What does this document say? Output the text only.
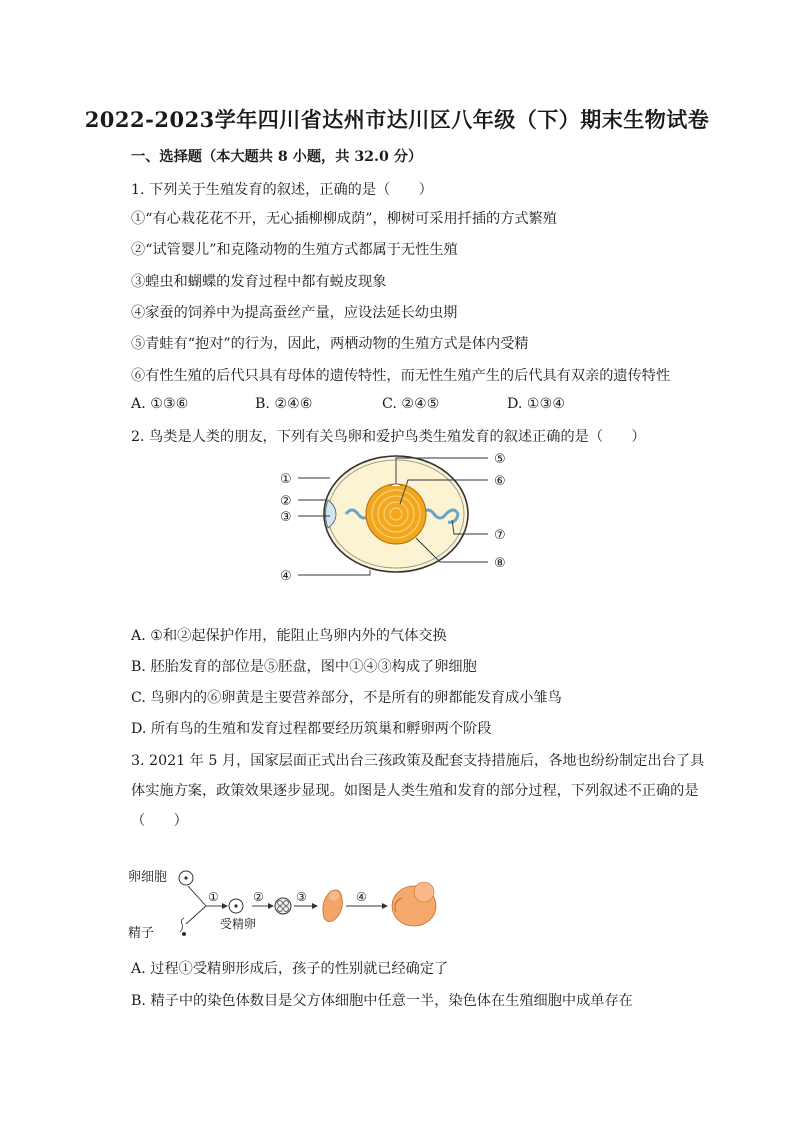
2022-2023学年四川省达州市达川区八年级（下）期末生物试卷
一、选择题（本大题共 8 小题，共 32.0 分）
1. 下列关于生殖发育的叙述，正确的是（　　）
①“有心栽花花不开，无心插柳柳成荫”，柳树可采用扦插的方式繁殖
②“试管婴儿”和克隆动物的生殖方式都属于无性生殖
③蝗虫和蝴蝶的发育过程中都有蜕皮现象
④家蚕的饲养中为提高蚕丝产量，应设法延长幼虫期
⑤青蛙有“抱对”的行为，因此，两栖动物的生殖方式是体内受精
⑥有性生殖的后代只具有母体的遗传特性，而无性生殖产生的后代具有双亲的遗传特性
A. ①③⑥	B. ②④⑥	C. ②④⑤	D. ①③④
2. 鸟类是人类的朋友，下列有关鸟卵和爱护鸟类生殖发育的叙述正确的是（　　）
①
②
③
④
⑤
⑥
⑦
⑧
A. ①和②起保护作用，能阻止鸟卵内外的气体交换
B. 胚胎发育的部位是⑤胚盘，图中①④③构成了卵细胞
C. 鸟卵内的⑥卵黄是主要营养部分，不是所有的卵都能发育成小雏鸟
D. 所有鸟的生殖和发育过程都要经历筑巢和孵卵两个阶段
3. 2021 年 5 月，国家层面正式出台三孩政策及配套支持措施后，各地也纷纷制定出台了具
体实施方案，政策效果逐步显现。如图是人类生殖和发育的部分过程，下列叙述不正确的是
（　　）
卵细胞
精子
受精卵
①	②	③	④
A. 过程①受精卵形成后，孩子的性别就已经确定了
B. 精子中的染色体数目是父方体细胞中任意一半，染色体在生殖细胞中成单存在
